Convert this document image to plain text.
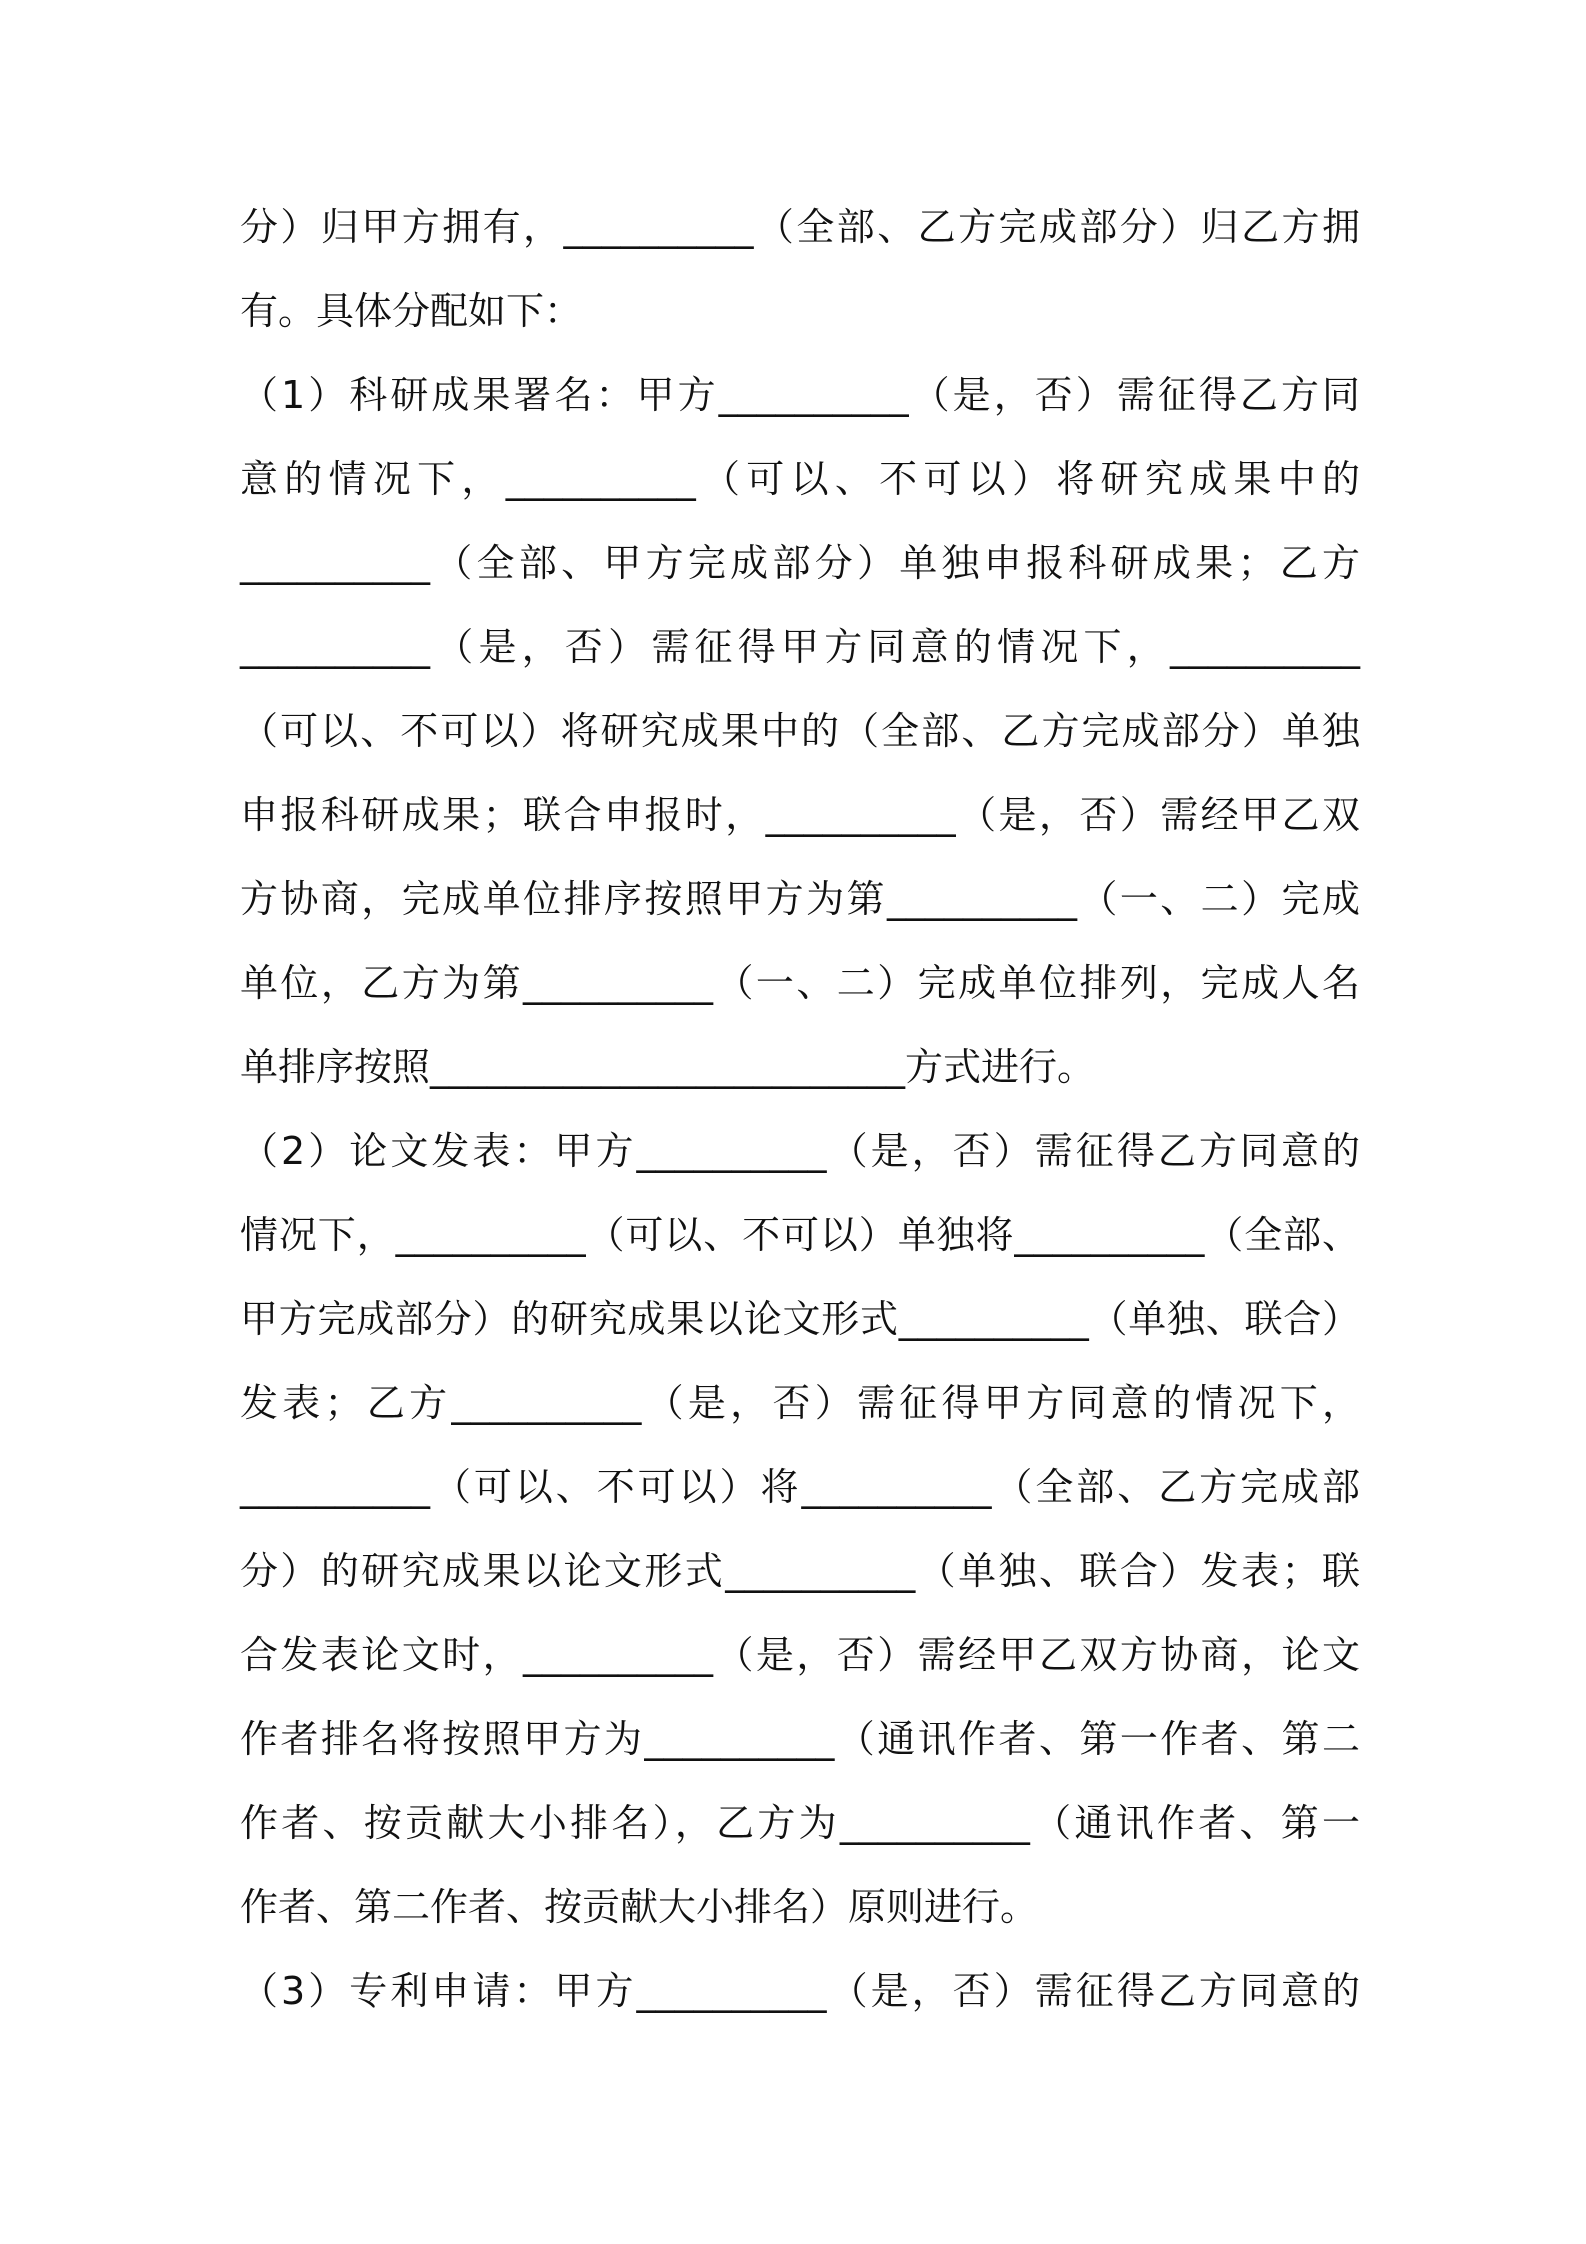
分）归甲方拥有，__________（全部、乙方完成部分）归乙方拥
有。具体分配如下：
（1）科研成果署名：甲方__________（是，否）需征得乙方同
意的情况下，__________（可以、不可以）将研究成果中的
__________（全部、甲方完成部分）单独申报科研成果；乙方
__________（是，否）需征得甲方同意的情况下，__________
（可以、不可以）将研究成果中的（全部、乙方完成部分）单独
申报科研成果；联合申报时，__________（是，否）需经甲乙双
方协商，完成单位排序按照甲方为第__________（一、二）完成
单位，乙方为第__________（一、二）完成单位排列，完成人名
单排序按照_________________________方式进行。
（2）论文发表：甲方__________（是，否）需征得乙方同意的
情况下，__________（可以、不可以）单独将__________（全部、
甲方完成部分）的研究成果以论文形式__________（单独、联合）
发表；乙方__________（是，否）需征得甲方同意的情况下，
__________（可以、不可以）将__________（全部、乙方完成部
分）的研究成果以论文形式__________（单独、联合）发表；联
合发表论文时，__________（是，否）需经甲乙双方协商，论文
作者排名将按照甲方为__________（通讯作者、第一作者、第二
作者、按贡献大小排名），乙方为__________（通讯作者、第一
作者、第二作者、按贡献大小排名）原则进行。
（3）专利申请：甲方__________（是，否）需征得乙方同意的
